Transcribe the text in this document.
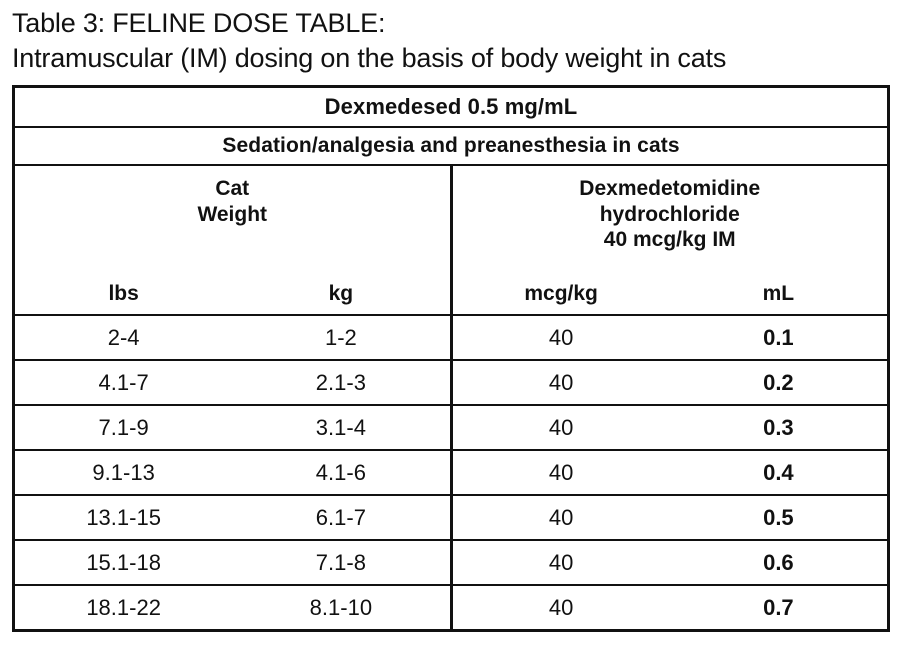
Table 3: FELINE DOSE TABLE:
Intramuscular (IM) dosing on the basis of body weight in cats
Dexmedesed 0.5 mg/mL	
Sedation/analgesia and preanesthesia in cats	

Cat
Weight
lbs	kg

Dexmedetomidine
hydrochloride
40 mcg/kg IM
mcg/kg	mL

2-4	1-2	40	0.1

4.1-7	2.1-3	40	0.2

7.1-9	3.1-4	40	0.3

9.1-13	4.1-6	40	0.4

13.1-15	6.1-7	40	0.5

15.1-18	7.1-8	40	0.6

18.1-22	8.1-10	40	0.7
